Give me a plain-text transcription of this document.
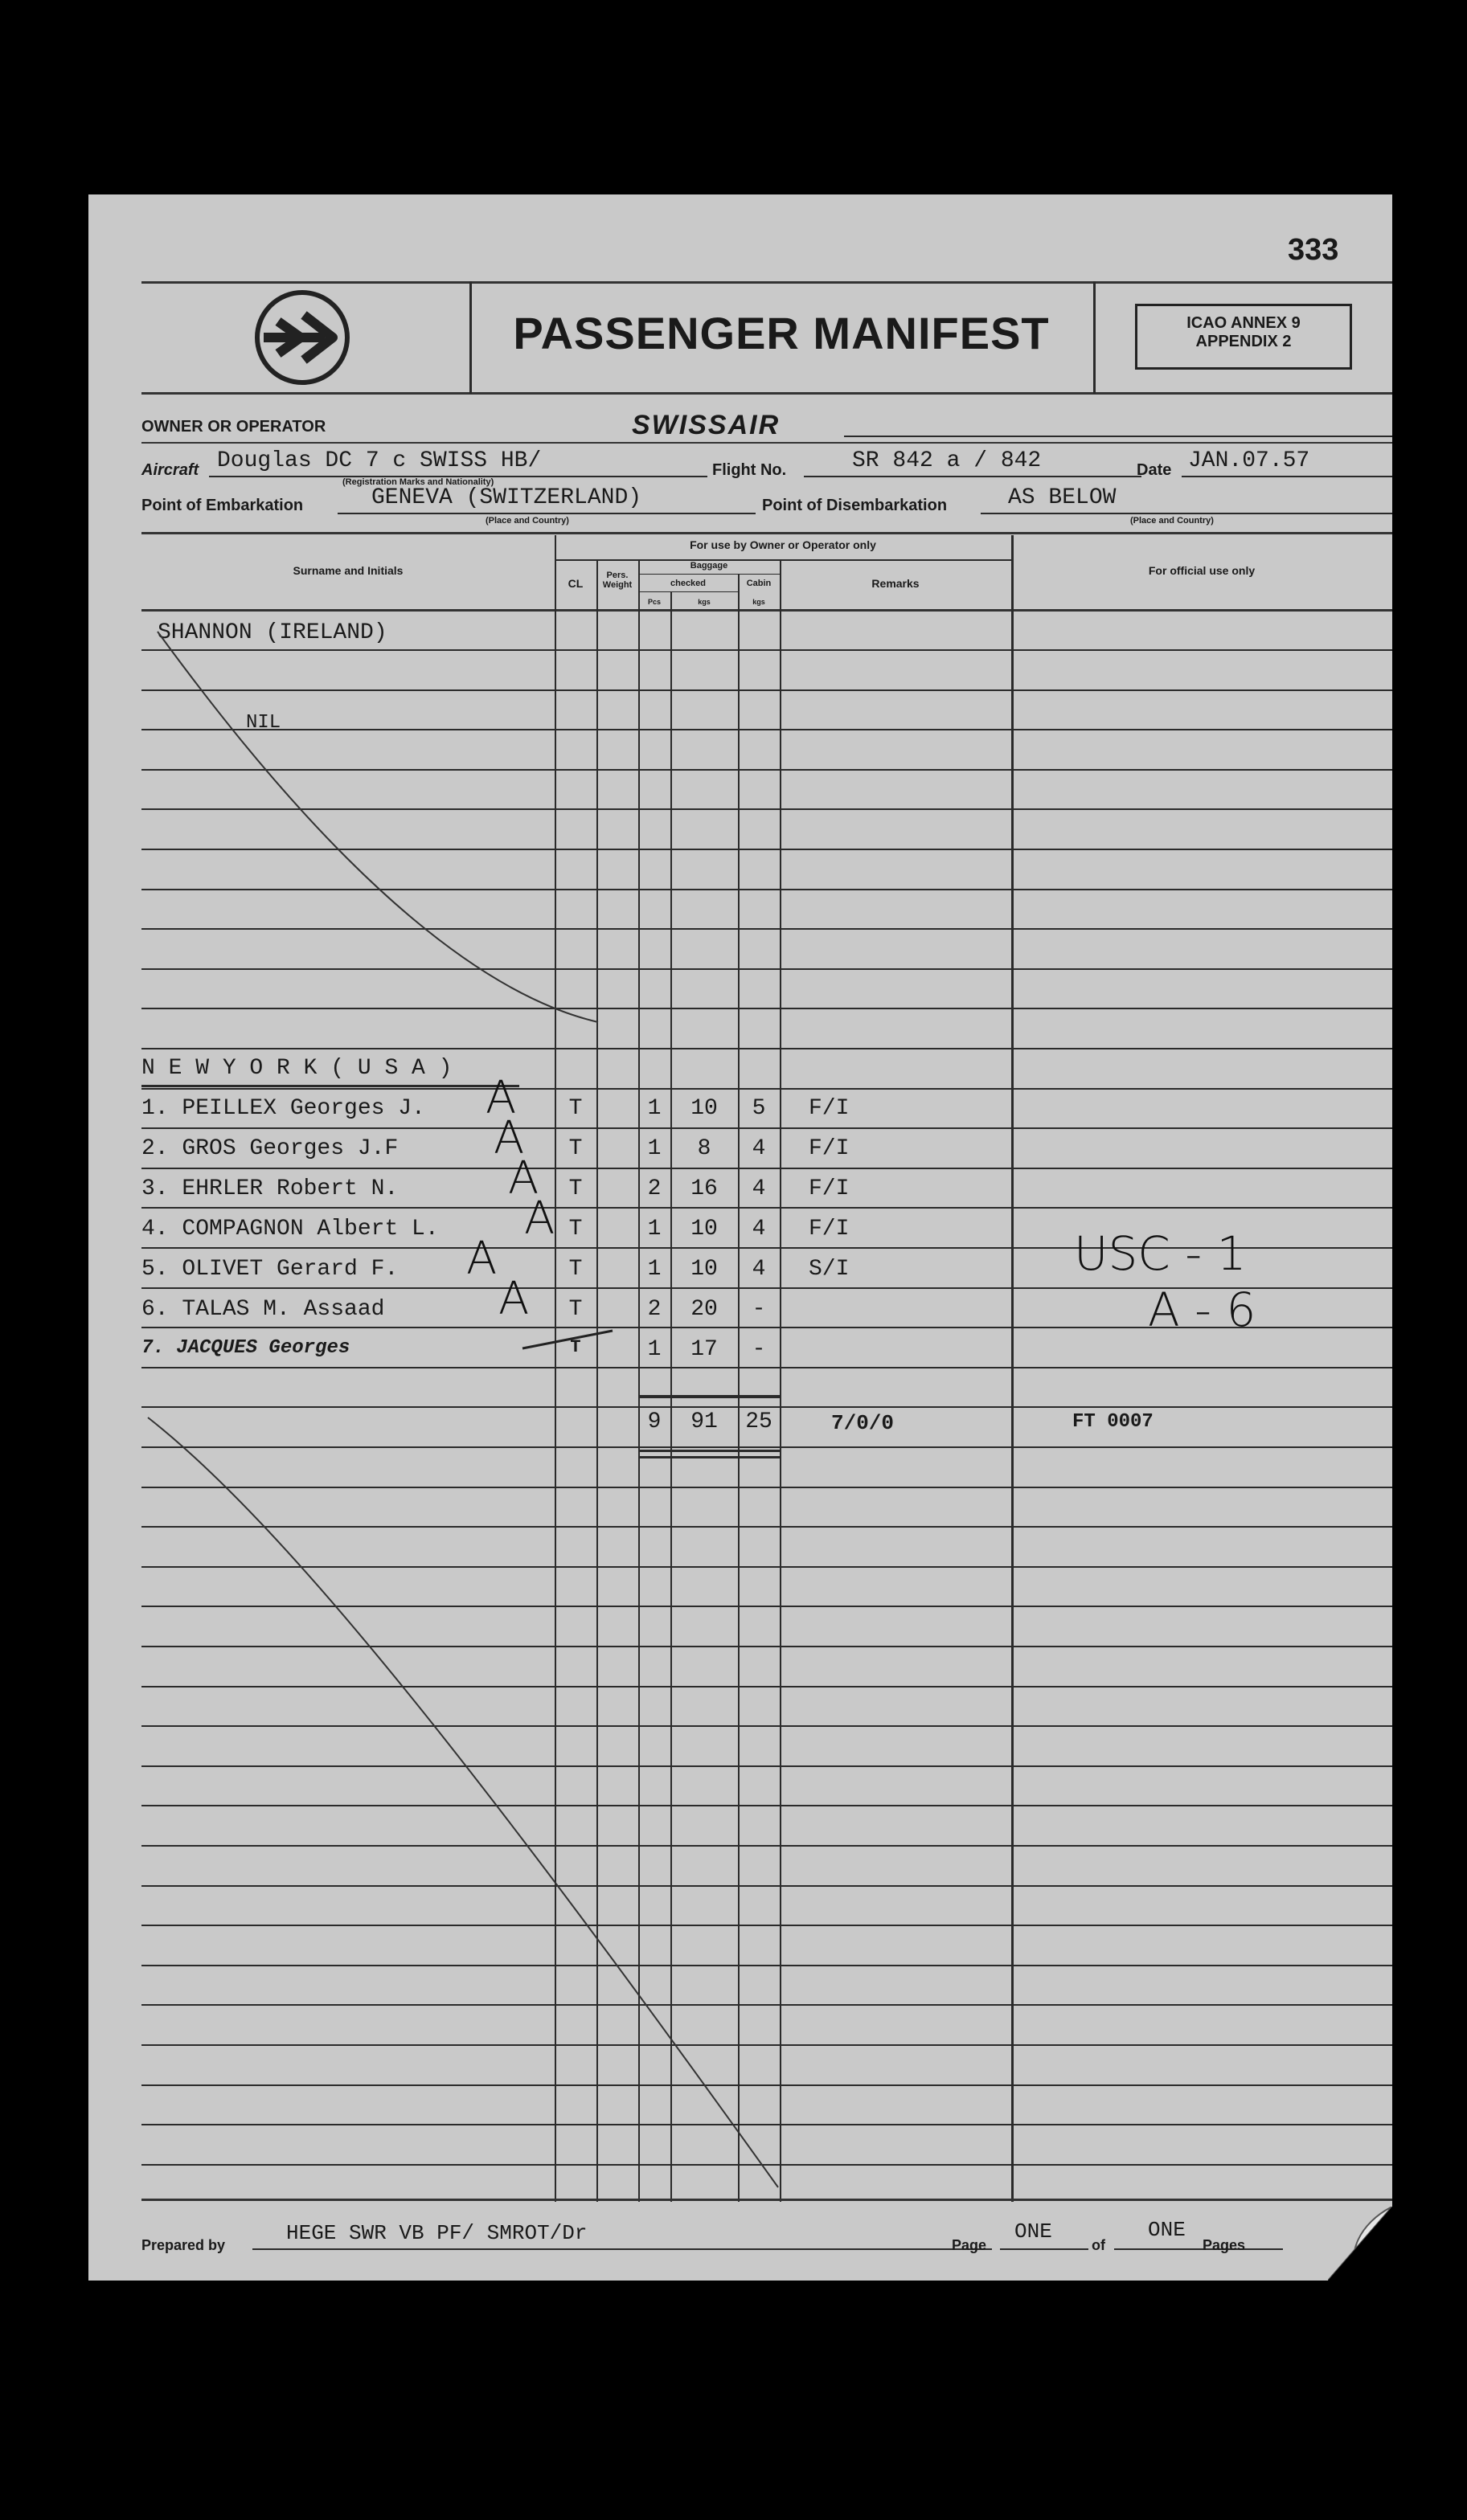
333
PASSENGER MANIFEST	ICAO ANNEX 9
APPENDIX 2
OWNER OR OPERATOR	SWISSAIR
Aircraft Douglas DC 7 c SWISS HB/
(Registration Marks and Nationality)
Flight No.	SR 842 a / 842	Date JAN.07.57
Point of Embarkation	GENEVA (SWITZERLAND)
(Place and Country)
Point of Disembarkation	AS BELOW
(Place and Country)
Surname and Initials
For use by Owner or Operator only
CL
Pers. Weight
Baggage
checked
Pcs	kgs
Cabin
kgs
Remarks
For official use only
SHANNON (IRELAND)
NIL
N E W Y O R K ( U S A )
1. PEILLEX Georges J.	T	1	10	5	F/I
A
2. GROS Georges J.F	T	1	8	4	F/I
A
3. EHRLER Robert N.	T	2	16	4	F/I
A
4. COMPAGNON Albert L.	T	1	10	4	F/I
A
5. OLIVET Gerard F.	T	1	10	4	S/I
A
6. TALAS M. Assaad	T	2	20	-
A
7. JACQUES Georges	T	1	17	-
9	91	25	7/0/0	FT 0007
USC - 1
A - 6
Prepared by	HEGE SWR VB PF/ SMROT/Dr	Page
ONE
of
ONE
Pages
